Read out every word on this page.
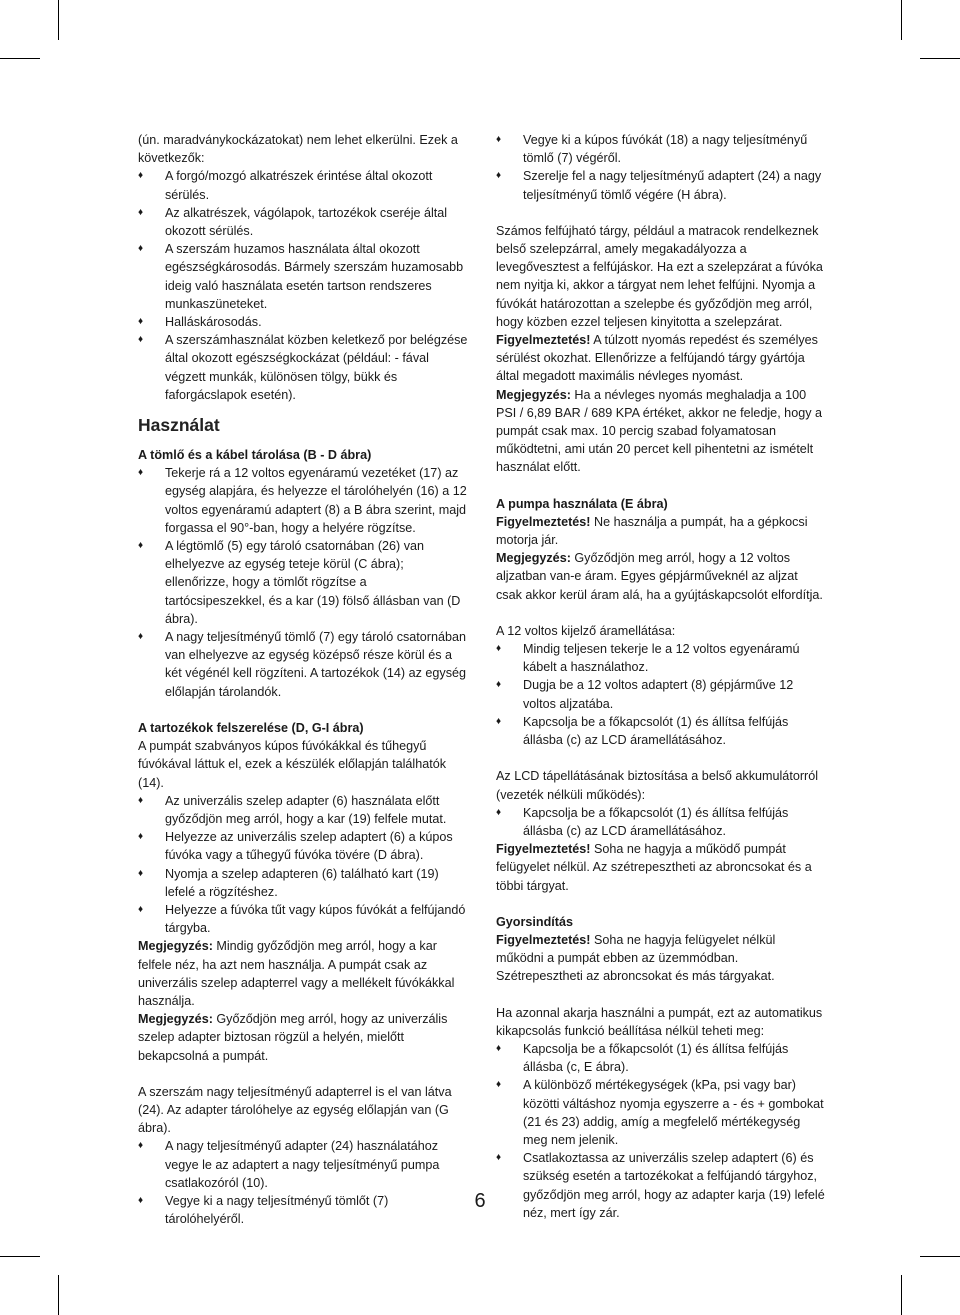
(ún. maradványkockázatokat) nem lehet elkerülni. Ezek a következők:

♦ A forgó/mozgó alkatrészek érintése által okozott sérülés.
♦ Az alkatrészek, vágólapok, tartozékok cseréje által okozott sérülés.
♦ A szerszám huzamos használata által okozott egészségkárosodás. Bármely szerszám huzamosabb ideig való használata esetén tartson rendszeres munkaszüneteket.
♦ Halláskárosodás.
♦ A szerszámhasználat közben keletkező por belégzése által okozott egészségkockázat (például: - fával végzett munkák, különösen tölgy, bükk és faforgácslapok esetén).
Használat
A tömlő és a kábel tárolása (B - D ábra)
♦ Tekerje rá a 12 voltos egyenáramú vezetéket (17) az egység alapjára, és helyezze el tárolóhelyén (16) a 12 voltos egyenáramú adaptert (8) a B ábra szerint, majd forgassa el 90°-ban, hogy a helyére rögzítse.
♦ A légtömlő (5) egy tároló csatornában (26) van elhelyezve az egység teteje körül (C ábra); ellenőrizze, hogy a tömlőt rögzítse a tartócsipeszekkel, és a kar (19) fölső állásban van (D ábra).
♦ A nagy teljesítményű tömlő (7) egy tároló csatornában van elhelyezve az egység középső része körül és a két végénél kell rögzíteni. A tartozékok (14) az egység előlapján tárolandók.
A tartozékok felszerelése (D, G-I ábra)

A pumpát szabványos kúpos fúvókákkal és tűhegyű fúvókával láttuk el, ezek a készülék előlapján találhatók (14).

♦ Az univerzális szelep adapter (6) használata előtt győződjön meg arról, hogy a kar (19) felfele mutat.
♦ Helyezze az univerzális szelep adaptert (6) a kúpos fúvóka vagy a tűhegyű fúvóka tövére (D ábra).
♦ Nyomja a szelep adapteren (6) található kart (19) lefelé a rögzítéshez.
♦ Helyezze a fúvóka tűt vagy kúpos fúvókát a felfújandó tárgyba.

Megjegyzés: Mindig győződjön meg arról, hogy a kar felfele néz, ha azt nem használja. A pumpát csak az univerzális szelep adapterrel vagy a mellékelt fúvókákkal használja.

Megjegyzés: Győződjön meg arról, hogy az univerzális szelep adapter biztosan rögzül a helyén, mielőtt bekapcsolná a pumpát.

A szerszám nagy teljesítményű adapterrel is el van látva (24). Az adapter tárolóhelye az egység előlapján van (G ábra).

♦ A nagy teljesítményű adapter (24) használatához vegye le az adaptert a nagy teljesítményű pumpa csatlakozóról (10).
♦ Vegye ki a nagy teljesítményű tömlőt (7) tárolóhelyéről.
♦ Vegye ki a kúpos fúvókát (18) a nagy teljesítményű tömlő (7) végéről.
♦ Szerelje fel a nagy teljesítményű adaptert (24) a nagy teljesítményű tömlő végére (H ábra).

Számos felfújható tárgy, például a matracok rendelkeznek belső szelepzárral, amely megakadályozza a levegővesztest a felfújáskor. Ha ezt a szelepzárat a fúvóka nem nyitja ki, akkor a tárgyat nem lehet felfújni. Nyomja a fúvókát határozottan a szelepbe és győződjön meg arról, hogy közben ezzel teljesen kinyitotta a szelepzárat.

Figyelmeztetés! A túlzott nyomás repedést és személyes sérülést okozhat. Ellenőrizze a felfújandó tárgy gyártója által megadott maximális névleges nyomást.

Megjegyzés: Ha a névleges nyomás meghaladja a 100 PSI / 6,89 BAR / 689 KPA értéket, akkor ne feledje, hogy a pumpát csak max. 10 percig szabad folyamatosan működtetni, ami után 20 percet kell pihentetni az ismételt használat előtt.

A pumpa használata (E ábra)

Figyelmeztetés! Ne használja a pumpát, ha a gépkocsi motorja jár.

Megjegyzés: Győződjön meg arról, hogy a 12 voltos aljzatban van-e áram. Egyes gépjárműveknél az aljzat csak akkor kerül áram alá, ha a gyújtáskapcsolót elfordítja.

A 12 voltos kijelző áramellátása:

♦ Mindig teljesen tekerje le a 12 voltos egyenáramú kábelt a használathoz.
♦ Dugja be a 12 voltos adaptert (8) gépjárműve 12 voltos aljzatába.
♦ Kapcsolja be a főkapcsolót (1) és állítsa felfújás állásba (c) az LCD áramellátásához.

Az LCD tápellátásának biztosítása a belső akkumulátorról (vezeték nélküli működés):

♦ Kapcsolja be a főkapcsolót (1) és állítsa felfújás állásba (c) az LCD áramellátásához.

Figyelmeztetés! Soha ne hagyja a működő pumpát felügyelet nélkül. Az szétrepesztheti az abroncsokat és a többi tárgyat.

Gyorsindítás

Figyelmeztetés! Soha ne hagyja felügyelet nélkül működni a pumpát ebben az üzemmódban. Szétrepesztheti az abroncsokat és más tárgyakat.

Ha azonnal akarja használni a pumpát, ezt az automatikus kikapcsolás funkció beállítása nélkül teheti meg:

♦ Kapcsolja be a főkapcsolót (1) és állítsa felfújás állásba (c, E ábra).
♦ A különböző mértékegységek (kPa, psi vagy bar) közötti váltáshoz nyomja egyszerre a - és + gombokat (21 és 23) addig, amíg a megfelelő mértékegység meg nem jelenik.
♦ Csatlakoztassa az univerzális szelep adaptert (6) és szükség esetén a tartozékokat a felfújandó tárgyhoz, győződjön meg arról, hogy az adapter karja (19) lefelé néz, mert így zár.
6
